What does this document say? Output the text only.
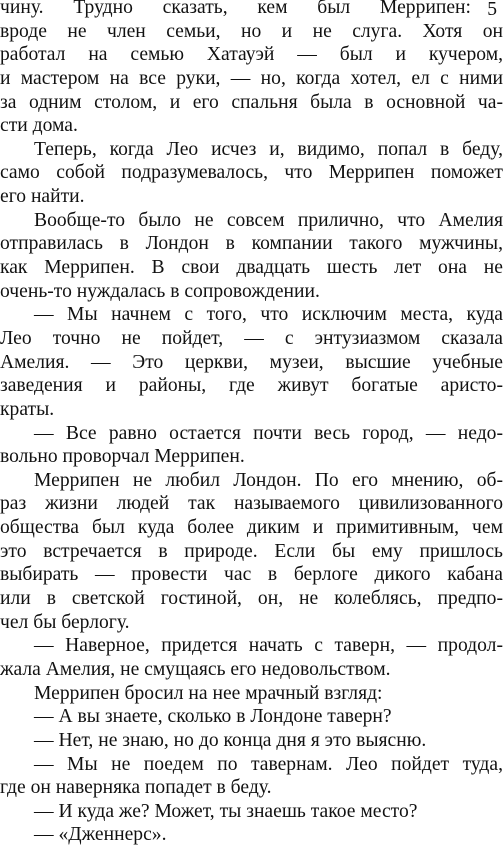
чину. Трудно сказать, кем был Меррипен:
вроде не член семьи, но и не слуга. Хотя он
работал на семью Хатауэй — был и кучером,
и мастером на все руки, — но, когда хотел, ел с ними
за одним столом, и его спальня была в основной ча-
сти дома.
Теперь, когда Лео исчез и, видимо, попал в беду,
само собой подразумевалось, что Меррипен поможет
его найти.
Вообще-то было не совсем прилично, что Амелия
отправилась в Лондон в компании такого мужчины,
как Меррипен. В свои двадцать шесть лет она не
очень-то нуждалась в сопровождении.
— Мы начнем с того, что исключим места, куда
Лео точно не пойдет, — с энтузиазмом сказала
Амелия. — Это церкви, музеи, высшие учебные
заведения и районы, где живут богатые аристо-
краты.
— Все равно остается почти весь город, — недо-
вольно проворчал Меррипен.
Меррипен не любил Лондон. По его мнению, об-
раз жизни людей так называемого цивилизованного
общества был куда более диким и примитивным, чем
это встречается в природе. Если бы ему пришлось
выбирать — провести час в берлоге дикого кабана
или в светской гостиной, он, не колеблясь, предпо-
чел бы берлогу.
— Наверное, придется начать с таверн, — продол-
жала Амелия, не смущаясь его недовольством.
Меррипен бросил на нее мрачный взгляд:
— А вы знаете, сколько в Лондоне таверн?
— Нет, не знаю, но до конца дня я это выясню.
— Мы не поедем по тавернам. Лео пойдет туда,
где он наверняка попадет в беду.
— И куда же? Может, ты знаешь такое место?
— «Дженнерс».
5
